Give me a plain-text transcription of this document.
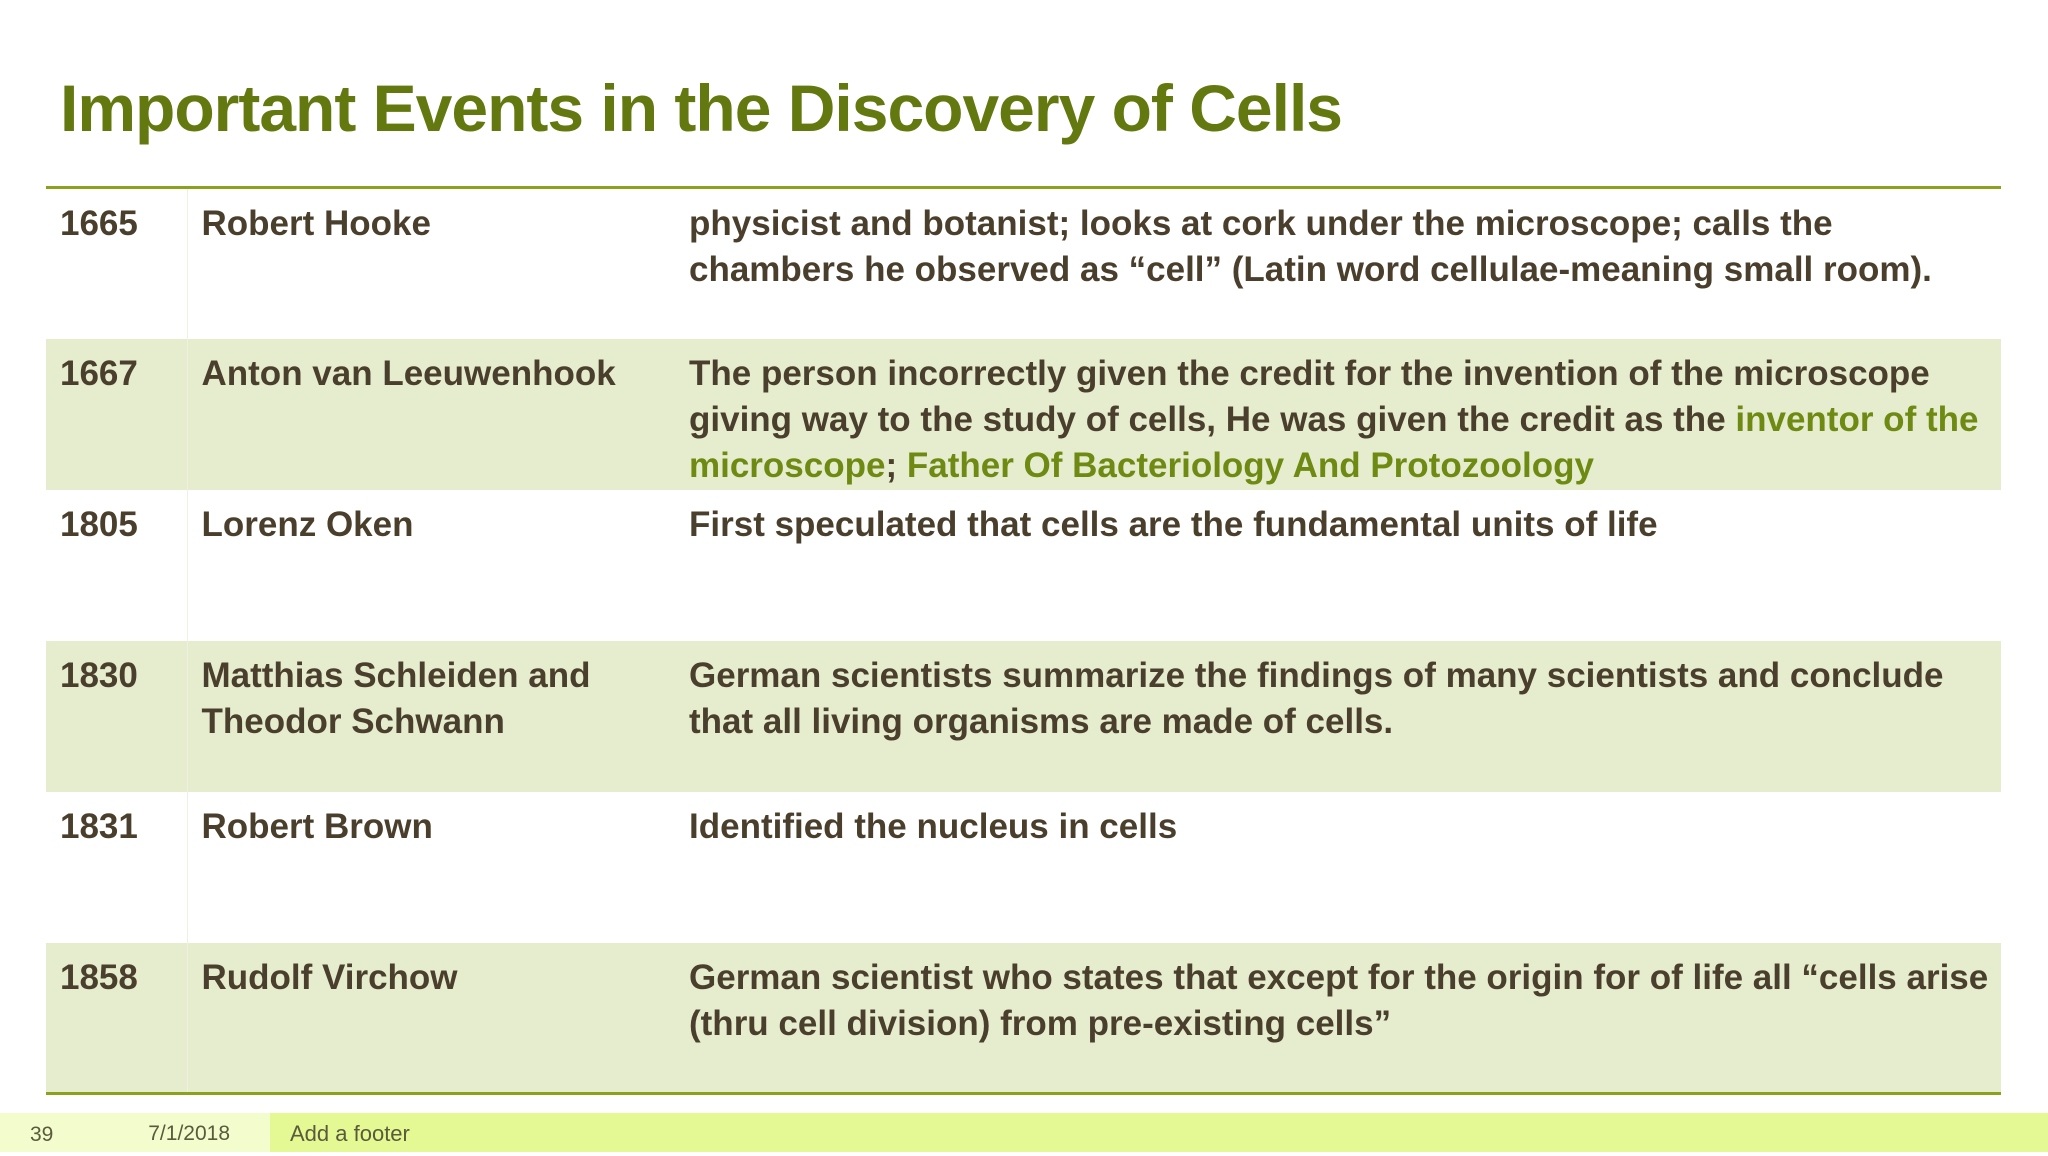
Important Events in the Discovery of Cells
1665	Robert Hooke	physicist and botanist; looks at cork under the microscope; calls the chambers he observed as “cell” (Latin word cellulae-meaning small room).
1667	Anton van Leeuwenhook	The person incorrectly given the credit for the invention of the microscope giving way to the study of cells, He was given the credit as the inventor of the microscope; Father Of Bacteriology And Protozoology
1805	Lorenz Oken	First speculated that cells are the fundamental units of life
1830	Matthias Schleiden and Theodor Schwann	German scientists summarize the findings of many scientists and conclude that all living organisms are made of cells.
1831	Robert Brown	Identified the nucleus in cells
1858	Rudolf Virchow	German scientist who states that except for the origin for of life all “cells arise (thru cell division) from pre-existing cells”
39	7/1/2018	Add a footer
